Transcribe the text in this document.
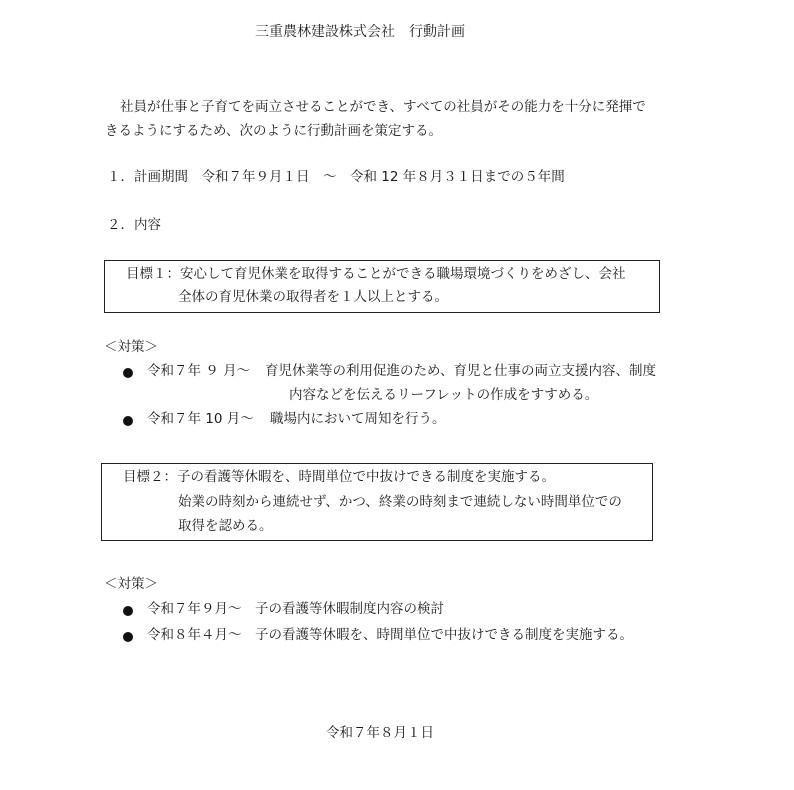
三重農林建設株式会社　行動計画
社員が仕事と子育てを両立させることができ、すべての社員がその能力を十分に発揮で
きるようにするため、次のように行動計画を策定する。
１．計画期間　令和７年９月１日　～　令和 12 年８月３１日までの５年間
２．内容
目標１：安心して育児休業を取得することができる職場環境づくりをめざし、会社
全体の育児休業の取得者を１人以上とする。
＜対策＞
令和７年 ９ 月～ 育児休業等の利用促進のため、育児と仕事の両立支援内容、制度
内容などを伝えるリーフレットの作成をすすめる。
令和７年 10 月～ 職場内において周知を行う。
目標２：子の看護等休暇を、時間単位で中抜けできる制度を実施する。
始業の時刻から連続せず、かつ、終業の時刻まで連続しない時間単位での
取得を認める。
＜対策＞
令和７年９月～ 子の看護等休暇制度内容の検討
令和８年４月～ 子の看護等休暇を、時間単位で中抜けできる制度を実施する。
令和７年８月１日
